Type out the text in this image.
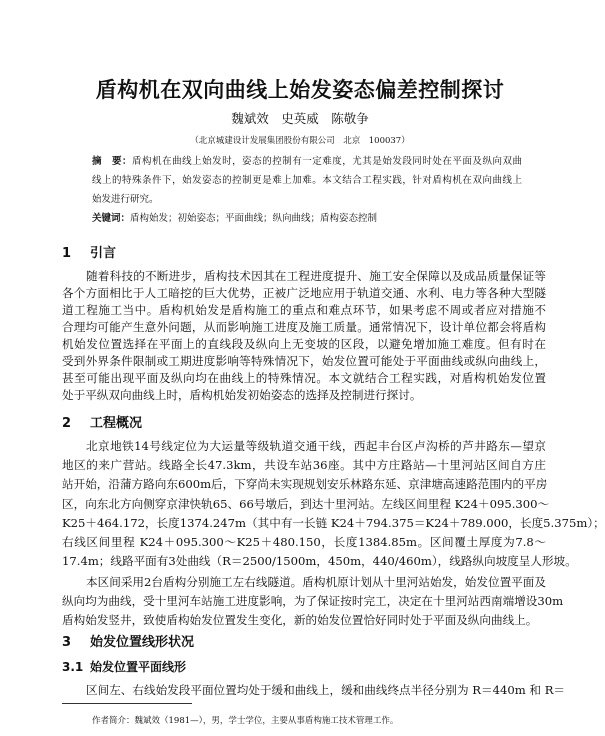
盾构机在双向曲线上始发姿态偏差控制探讨
魏斌效　史英威　陈敬争
（北京城建设计发展集团股份有限公司　北京　100037）
摘　要：盾构机在曲线上始发时，姿态的控制有一定难度，尤其是始发段同时处在平面及纵向双曲
线上的特殊条件下，始发姿态的控制更是难上加难。本文结合工程实践，针对盾构机在双向曲线上
始发进行研究。
关键词：盾构始发；初始姿态；平面曲线；纵向曲线；盾构姿态控制
1 引言
随着科技的不断进步，盾构技术因其在工程进度提升、施工安全保障以及成品质量保证等
各个方面相比于人工暗挖的巨大优势，正被广泛地应用于轨道交通、水利、电力等各种大型隧
道工程施工当中。盾构机始发是盾构施工的重点和难点环节，如果考虑不周或者应对措施不
合理均可能产生意外问题，从而影响施工进度及施工质量。通常情况下，设计单位都会将盾构
机始发位置选择在平面上的直线段及纵向上无变坡的区段，以避免增加施工难度。但有时在
受到外界条件限制或工期进度影响等特殊情况下，始发位置可能处于平面曲线或纵向曲线上，
甚至可能出现平面及纵向均在曲线上的特殊情况。本文就结合工程实践，对盾构机始发位置
处于平纵双向曲线上时，盾构机始发初始姿态的选择及控制进行探讨。
2 工程概况
北京地铁14号线定位为大运量等级轨道交通干线，西起丰台区卢沟桥的芦井路东—望京
地区的来广营站。线路全长47.3km，共设车站36座。其中方庄路站—十里河站区间自方庄
站开始，沿蒲方路向东600m后，下穿尚未实现规划安乐林路东延、京津塘高速路范围内的平房
区，向东北方向侧穿京津快轨65、66号墩后，到达十里河站。左线区间里程 K24＋095.300～
K25＋464.172，长度1374.247m（其中有一长链 K24＋794.375＝K24＋789.000，长度5.375m）；
右线区间里程 K24＋095.300～K25＋480.150，长度1384.85m。区间覆土厚度为7.8～
17.4m；线路平面有3处曲线（R＝2500/1500m，450m，440/460m），线路纵向坡度呈人形坡。
本区间采用2台盾构分别施工左右线隧道。盾构机原计划从十里河站始发，始发位置平面及
纵向均为曲线，受十里河车站施工进度影响，为了保证按时完工，决定在十里河站西南端增设30m
盾构始发竖井，致使盾构始发位置发生变化，新的始发位置恰好同时处于平面及纵向曲线上。
3 始发位置线形状况
3.1 始发位置平面线形
区间左、右线始发段平面位置均处于缓和曲线上，缓和曲线终点半径分别为 R＝440m 和 R＝
作者简介：魏斌效（1981—），男，学士学位，主要从事盾构施工技术管理工作。
